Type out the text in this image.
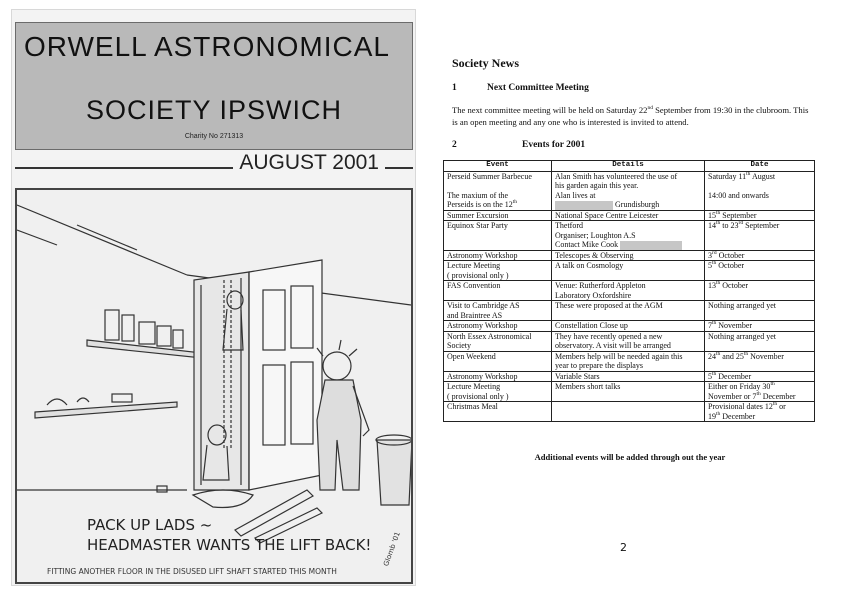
ORWELL ASTRONOMICAL
SOCIETY IPSWICH
Charity No 271313
AUGUST 2001
PACK UP LADS ~
HEADMASTER WANTS THE LIFT BACK!
FITTING ANOTHER FLOOR IN THE DISUSED LIFT SHAFT STARTED THIS MONTH
Glomb '01
Society News
1	Next Committee Meeting
The next committee meeting will be held on Saturday 22nd September from 19:30 in the clubroom. This is an open meeting and any one who is interested is invited to attend.
2	Events for 2001
Event	Details	Date
Perseid Summer Barbecue

The maxium of the
Perseids is on the 12th	Alan Smith has volunteered the use of
his garden again this year.
Alan lives at
Grundisburgh	Saturday 11th August

14:00 and onwards
Summer Excursion	National Space Centre Leicester	15th September
Equinox Star Party	Thetford
Organiser; Loughton A.S
Contact Mike Cook	14th to 23rd September
Astronomy Workshop	Telescopes & Observing	3rd October
Lecture Meeting
( provisional only )	A talk on Cosmology	5th October
FAS Convention	Venue: Rutherford Appleton
Laboratory Oxfordshire	13th October
Visit to Cambridge AS
and Braintree AS	These were proposed at the AGM	Nothing arranged yet
Astronomy Workshop	Constellation Close up	7th November
North Essex Astronomical
Society	They have recently opened a new
observatory. A visit will be arranged	Nothing arranged yet
Open Weekend	Members help will be needed again this
year to prepare the displays	24th and 25th November
Astronomy Workshop	Variable Stars	5th December
Lecture Meeting
( provisional only )	Members short talks	Either on Friday 30th
November or 7th December
Christmas Meal		Provisional dates 12th or
19th December
Additional events will be added through out the year
2
